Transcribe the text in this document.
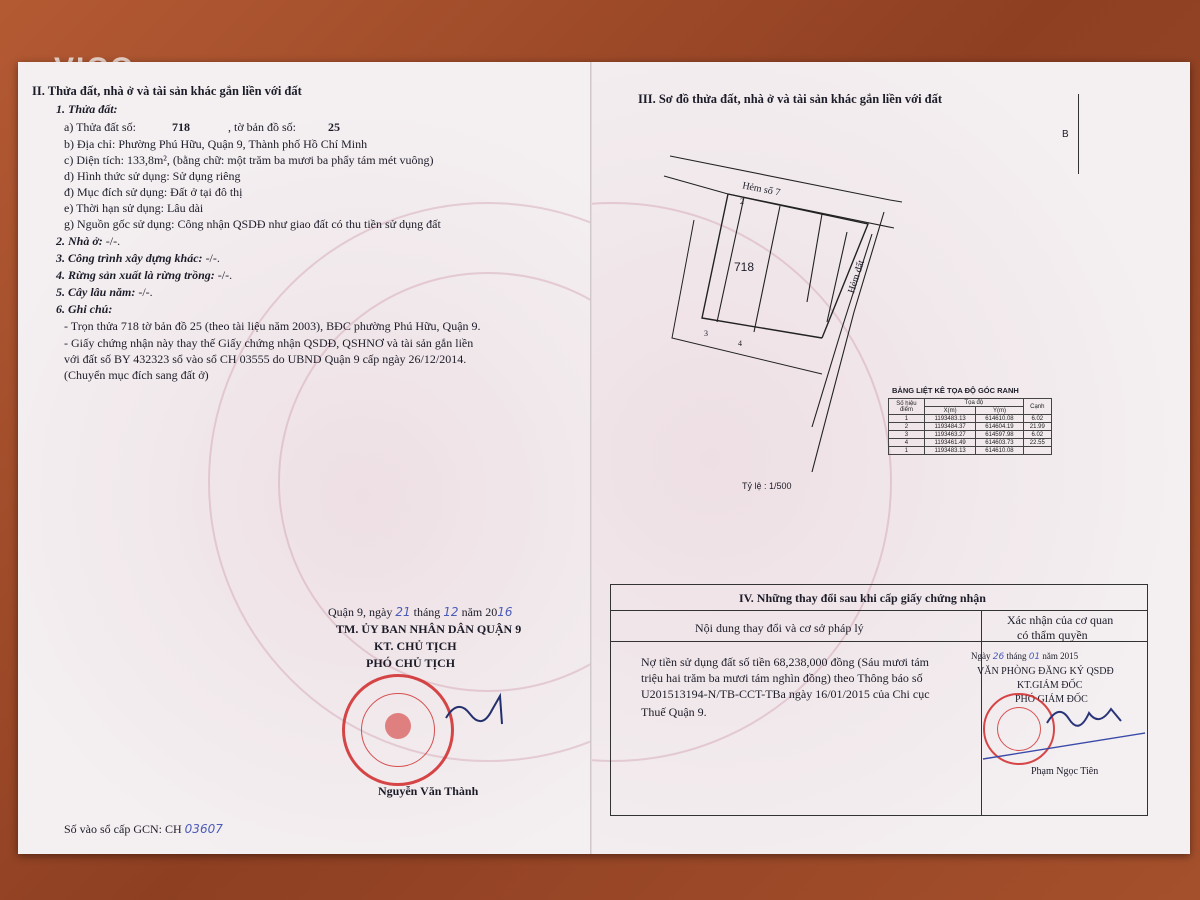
II. Thửa đất, nhà ở và tài sản khác gắn liền với đất
1. Thửa đất:
a) Thửa đất số:	718	, tờ bản đồ số:	25
b) Địa chỉ: Phường Phú Hữu, Quận 9, Thành phố Hồ Chí Minh
c) Diện tích: 133,8m², (bằng chữ: một trăm ba mươi ba phẩy tám mét vuông)
d) Hình thức sử dụng: Sử dụng riêng
đ) Mục đích sử dụng: Đất ở tại đô thị
e) Thời hạn sử dụng: Lâu dài
g) Nguồn gốc sử dụng: Công nhận QSDĐ như giao đất có thu tiền sử dụng đất
2. Nhà ở: -/-.
3. Công trình xây dựng khác: -/-.
4. Rừng sản xuất là rừng trồng: -/-.
5. Cây lâu năm: -/-.
6. Ghi chú:
- Trọn thửa 718 tờ bản đồ 25 (theo tài liệu năm 2003), BĐC phường Phú Hữu, Quận 9.
- Giấy chứng nhận này thay thế Giấy chứng nhận QSDĐ, QSHNƠ và tài sản gắn liền
với đất số BY 432323 sổ vào sổ CH 03555 do UBND Quận 9 cấp ngày 26/12/2014.
(Chuyển mục đích sang đất ở)
Quận 9, ngày 21 tháng 12 năm 2016
TM. ỦY BAN NHÂN DÂN QUẬN 9
KT. CHỦ TỊCH
PHÓ CHỦ TỊCH
Nguyễn Văn Thành
Số vào sổ cấp GCN: CH 03607
III. Sơ đồ thửa đất, nhà ở và tài sản khác gắn liền với đất
B
Hẻm số 7
Hẻm đất
718
2
3
4
BẢNG LIỆT KÊ TỌA ĐỘ GÓC RANH
Số hiệu
điểm	Tọa độ		Cạnh
	X(m)	Y(m)	
1	1193483.13	614610.08	6.02
2	1193484.37	614604.19	21.99
3	1193463.27	614597.98	6.02
4	1193461.49	614603.73	22.55
1	1193483.13	614610.08	
Tỷ lệ : 1/500
IV. Những thay đổi sau khi cấp giấy chứng nhận
Nội dung thay đổi và cơ sở pháp lý
Xác nhận của cơ quan
có thẩm quyền
Nợ tiền sử dụng đất số tiền 68,238,000 đồng (Sáu mươi tám
triệu hai trăm ba mươi tám nghìn đồng) theo Thông báo số
U201513194-N/TB-CCT-TBa ngày 16/01/2015 của Chi cục
Thuế Quận 9.
Ngày 26 tháng 01 năm 2015
VĂN PHÒNG ĐĂNG KÝ QSDĐ
KT.GIÁM ĐỐC
PHÓ GIÁM ĐỐC
Phạm Ngọc Tiên
